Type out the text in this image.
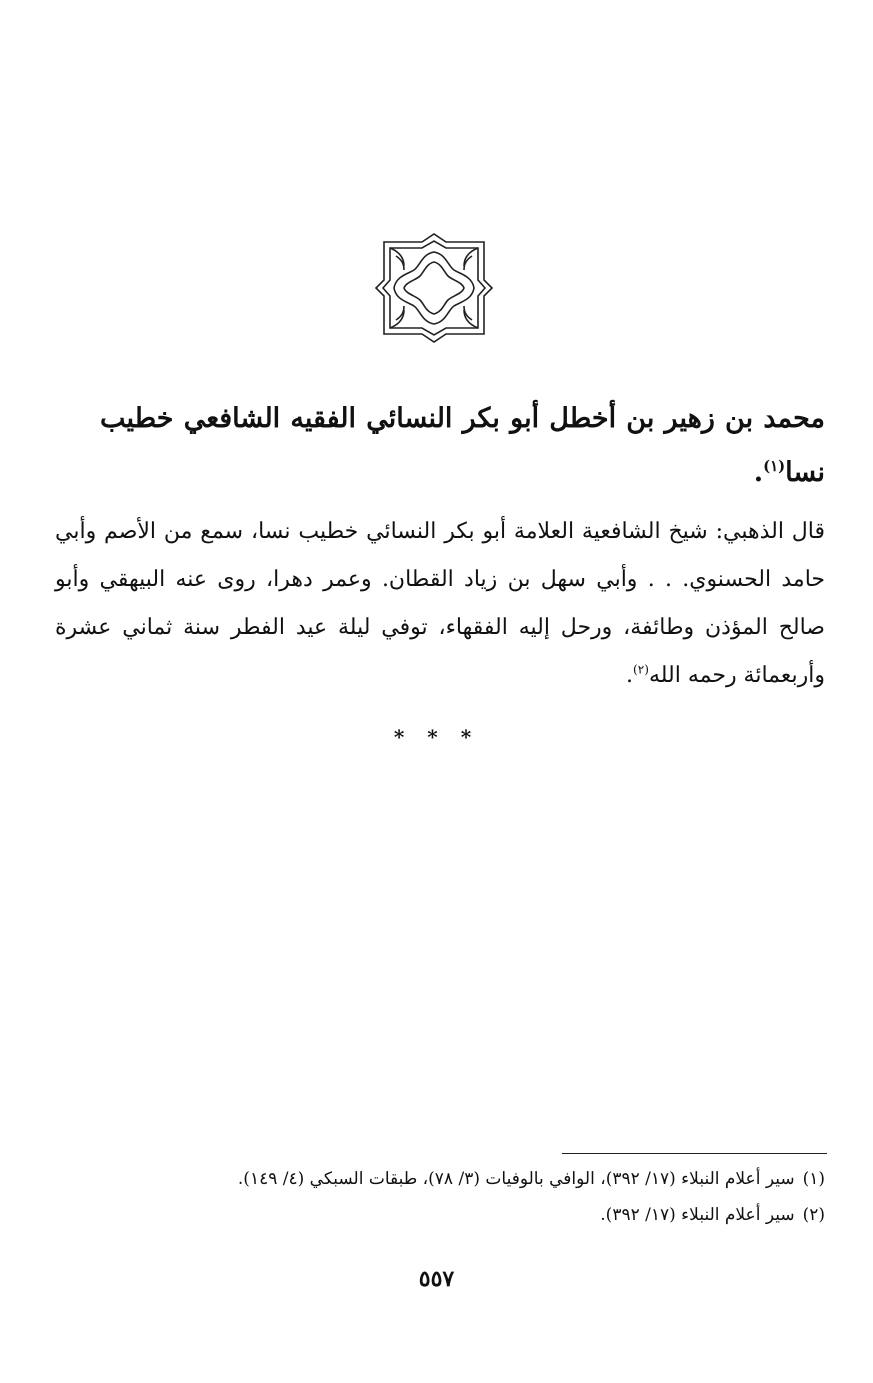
محمد بن زهير بن أخطل أبو بكر النسائي الفقيه الشافعي خطيب نسا$^{(١)}$.
قال الذهبي: شيخ الشافعية العلامة أبو بكر النسائي خطيب نسا، سمع من الأصم وأبي حامد الحسنوي. . . وأبي سهل بن زياد القطان. وعمر دهرا، روى عنه البيهقي وأبو صالح المؤذن وطائفة، ورحل إليه الفقهاء، توفي ليلة عيد الفطر سنة ثماني عشرة وأربعمائة رحمه الله$^{(٢)}$.
* * *
(١)سير أعلام النبلاء (١٧/ ٣٩٢)، الوافي بالوفيات (٣/ ٧٨)، طبقات السبكي (٤/ ١٤٩).
(٢)سير أعلام النبلاء (١٧/ ٣٩٢).
٥٥٧
